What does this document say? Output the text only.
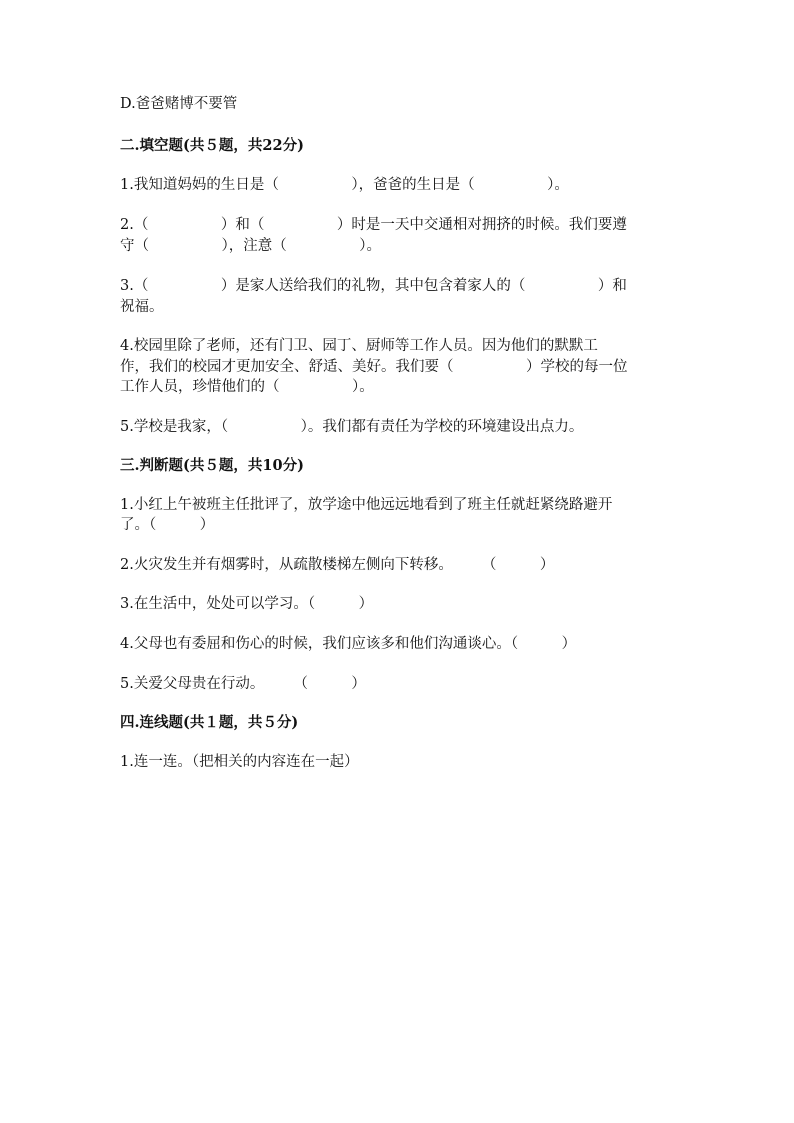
D.爸爸赌博不要管
二.填空题(共５题，共22分)
1.我知道妈妈的生日是（　　　　　），爸爸的生日是（　　　　　）。
2.（　　　　　）和（　　　　　）时是一天中交通相对拥挤的时候。我们要遵
守（　　　　　），注意（　　　　　）。
3.（　　　　　）是家人送给我们的礼物，其中包含着家人的（　　　　　）和
祝福。
4.校园里除了老师，还有门卫、园丁、厨师等工作人员。因为他们的默默工
作，我们的校园才更加安全、舒适、美好。我们要（　　　　　）学校的每一位
工作人员，珍惜他们的（　　　　　）。
5.学校是我家，（　　　　　）。我们都有责任为学校的环境建设出点力。
三.判断题(共５题，共10分)
1.小红上午被班主任批评了，放学途中他远远地看到了班主任就赶紧绕路避开
了。（　　　）
2.火灾发生并有烟雾时，从疏散楼梯左侧向下转移。　　　（　　　）
3.在生活中，处处可以学习。（　　　）
4.父母也有委屈和伤心的时候，我们应该多和他们沟通谈心。（　　　）
5.关爱父母贵在行动。　　　（　　　）
四.连线题(共１题，共５分)
1.连一连。（把相关的内容连在一起）
